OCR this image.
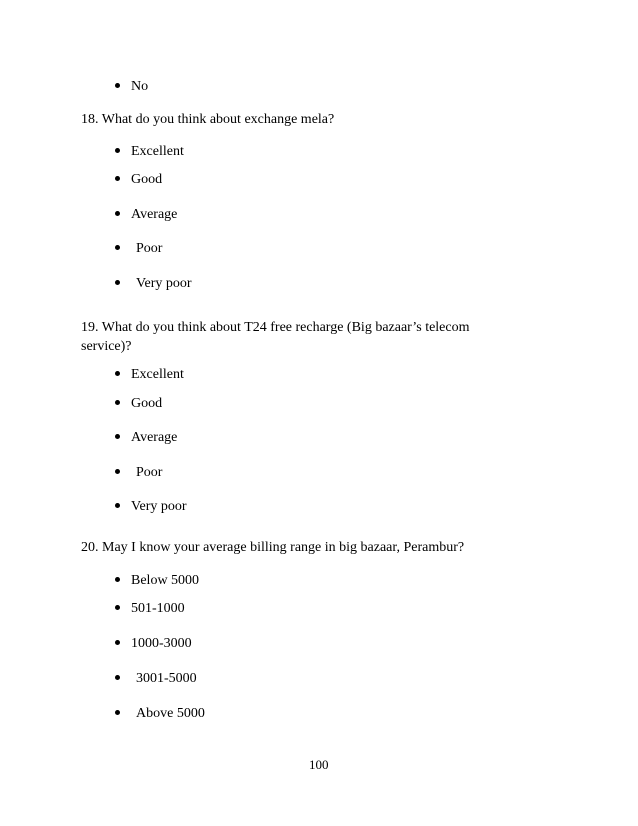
No
18. What do you think about exchange mela?
Excellent
Good
Average
Poor
Very poor
19. What do you think about T24 free recharge (Big bazaar’s telecom service)?
Excellent
Good
Average
Poor
Very poor
20. May I know your average billing range in big bazaar, Perambur?
Below 5000
501-1000
1000-3000
3001-5000
Above 5000
100
